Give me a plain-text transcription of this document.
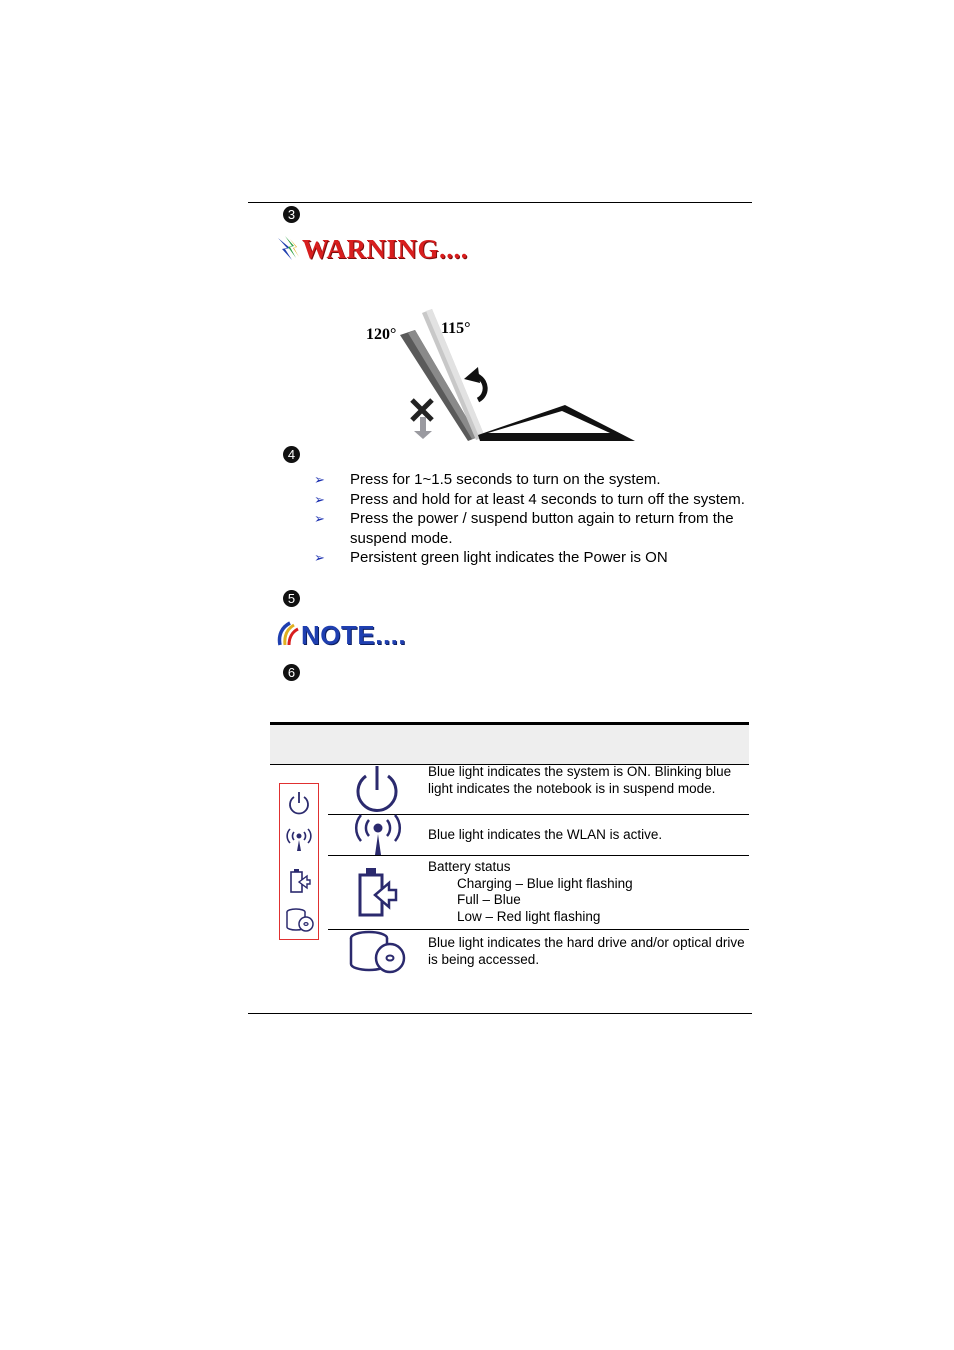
3
WARNING....
120°	115°
4
➢ Press for 1~1.5 seconds to turn on the system.
➢ Press and hold for at least 4 seconds to turn off the system.
➢ Press the power / suspend button again to return from the suspend mode.
➢ Persistent green light indicates the Power is ON
5
NOTE....
6
Blue light indicates the system is ON. Blinking blue light indicates the notebook is in suspend mode.
Blue light indicates the WLAN is active.
Battery status
Charging – Blue light flashing
Full – Blue
Low – Red light flashing
Blue light indicates the hard drive and/or optical drive is being accessed.
